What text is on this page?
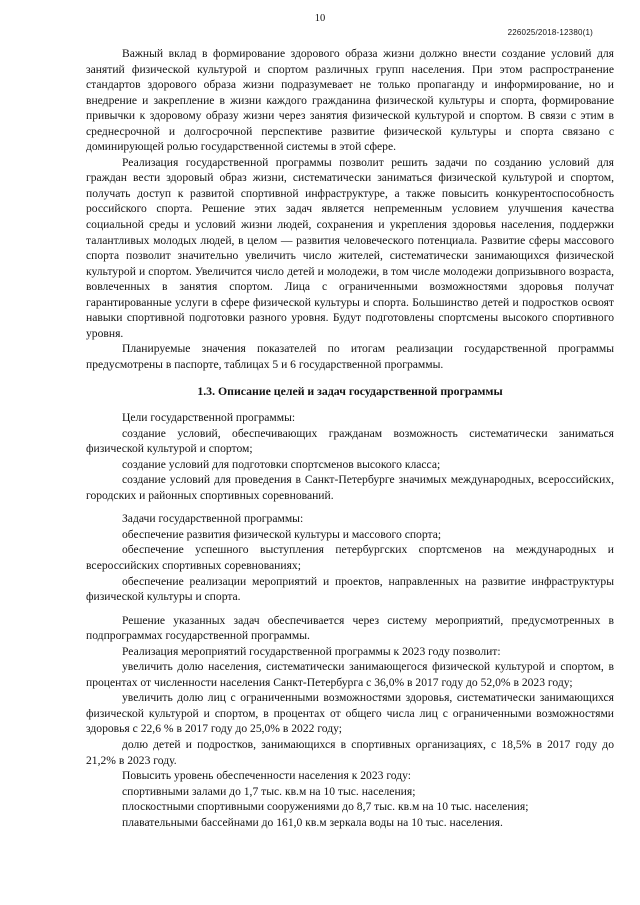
10
226025/2018-12380(1)

Важный вклад в формирование здорового образа жизни должно внести создание условий для занятий физической культурой и спортом различных групп населения. При этом распространение стандартов здорового образа жизни подразумевает не только пропаганду и информирование, но и внедрение и закрепление в жизни каждого гражданина физической культуры и спорта, формирование привычки к здоровому образу жизни через занятия физической культурой и спортом. В связи с этим в среднесрочной и долгосрочной перспективе развитие физической культуры и спорта связано с доминирующей ролью государственной системы в этой сфере.

Реализация государственной программы позволит решить задачи по созданию условий для граждан вести здоровый образ жизни, систематически заниматься физической культурой и спортом, получать доступ к развитой спортивной инфраструктуре, а также повысить конкурентоспособность российского спорта. Решение этих задач является непременным условием улучшения качества социальной среды и условий жизни людей, сохранения и укрепления здоровья населения, поддержки талантливых молодых людей, в целом — развития человеческого потенциала. Развитие сферы массового спорта позволит значительно увеличить число жителей, систематически занимающихся физической культурой и спортом. Увеличится число детей и молодежи, в том числе молодежи допризывного возраста, вовлеченных в занятия спортом. Лица с ограниченными возможностями здоровья получат гарантированные услуги в сфере физической культуры и спорта. Большинство детей и подростков освоят навыки спортивной подготовки разного уровня. Будут подготовлены спортсмены высокого спортивного уровня.

Планируемые значения показателей по итогам реализации государственной программы предусмотрены в паспорте, таблицах 5 и 6 государственной программы.

1.3. Описание целей и задач государственной программы

Цели государственной программы:

создание условий, обеспечивающих гражданам возможность систематически заниматься физической культурой и спортом;

создание условий для подготовки спортсменов высокого класса;

создание условий для проведения в Санкт-Петербурге значимых международных, всероссийских, городских и районных спортивных соревнований.

Задачи государственной программы:

обеспечение развития физической культуры и массового спорта;

обеспечение успешного выступления петербургских спортсменов на международных и всероссийских спортивных соревнованиях;

обеспечение реализации мероприятий и проектов, направленных на развитие инфраструктуры физической культуры и спорта.

Решение указанных задач обеспечивается через систему мероприятий, предусмотренных в подпрограммах государственной программы.

Реализация мероприятий государственной программы к 2023 году позволит:

увеличить долю населения, систематически занимающегося физической культурой и спортом, в процентах от численности населения Санкт-Петербурга с 36,0% в 2017 году до 52,0% в 2023 году;

увеличить долю лиц с ограниченными возможностями здоровья, систематически занимающихся физической культурой и спортом, в процентах от общего числа лиц с ограниченными возможностями здоровья с 22,6 % в 2017 году до 25,0% в 2022 году;

долю детей и подростков, занимающихся в спортивных организациях, с 18,5% в 2017 году до 21,2% в 2023 году.

Повысить уровень обеспеченности населения к 2023 году:

спортивными залами до 1,7 тыс. кв.м на 10 тыс. населения;

плоскостными спортивными сооружениями до 8,7 тыс. кв.м на 10 тыс. населения;

плавательными бассейнами до 161,0 кв.м зеркала воды на 10 тыс. населения.
